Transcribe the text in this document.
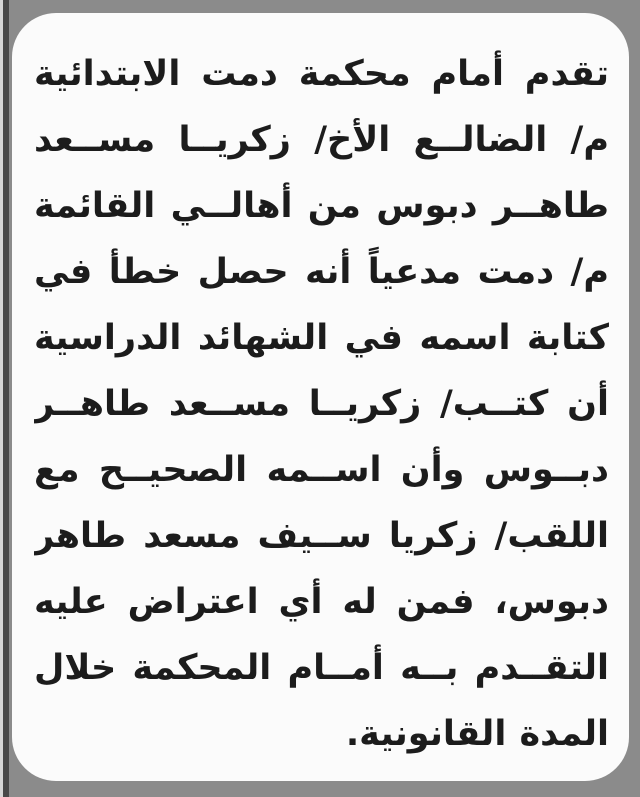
تقدم أمام محكمة دمت الابتدائية

م/ الضالــع الأخ/ زكريــا مســعد

طاهــر دبوس من أهالــي القائمة

م/ دمت مدعياً أنه حصل خطأ في

كتابة اسمه في الشهائد الدراسية

أن كتــب/ زكريــا مســعد طاهــر

دبــوس وأن اســمه الصحيــح مع

اللقب/ زكريا ســيف مسعد طاهر

دبوس، فمن له أي اعتراض عليه

التقــدم بــه أمــام المحكمة خلال

المدة القانونية.
